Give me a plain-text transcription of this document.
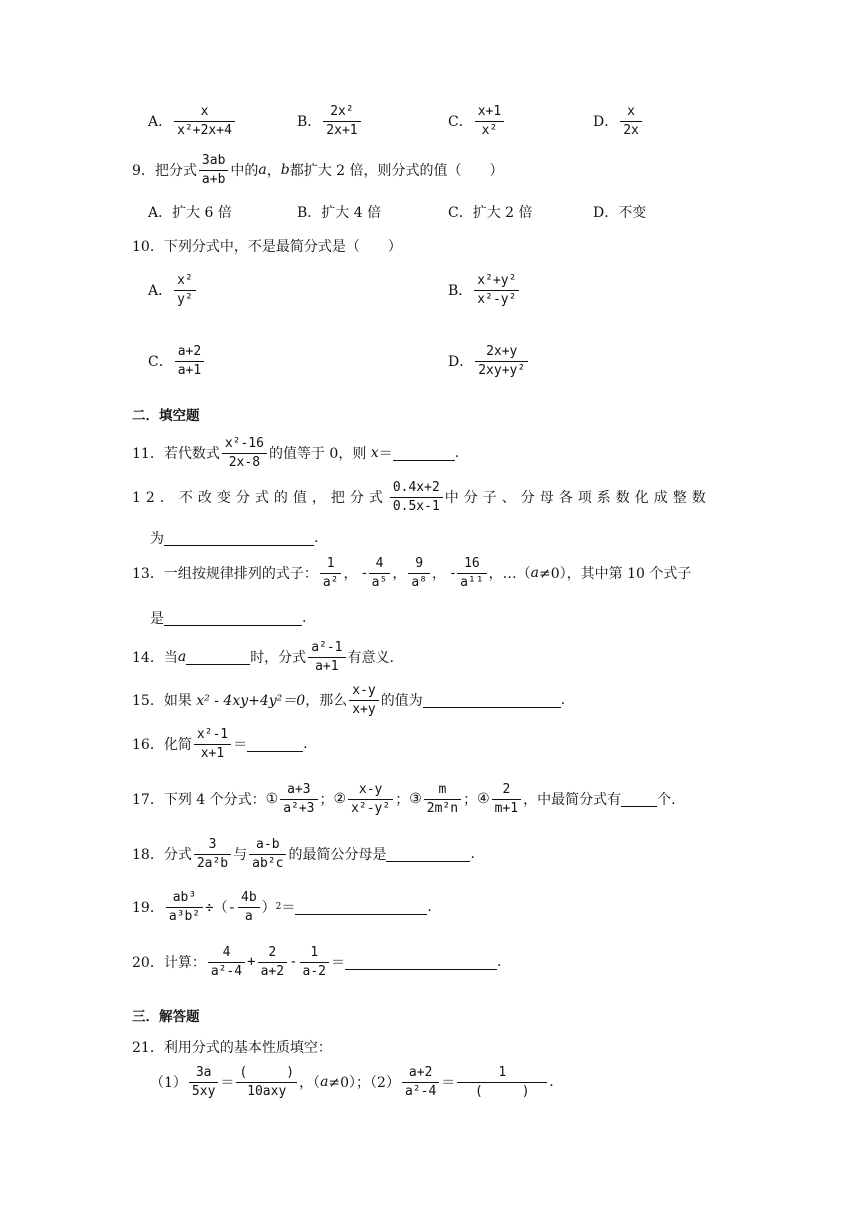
A． $\frac{x}{\text{x²+2x+4}}$	B． $\frac{\text{2x²}}{2x+1}$	C． $\frac{x+1}{\text{x²}}$	D． $\frac{x}{2x}$
9． 把分式 $\frac{3ab}{a+b}$ 中的 a ， b 都扩大 2 倍，则分式的值（　　）
A．扩大 6 倍	B．扩大 4 倍	C．扩大 2 倍	D．不变
10．下列分式中，不是最简分式是（　　）
A． $\frac{\text{x²}}{\text{y²}}$	B． $\frac{\text{x²+y²}}{\text{x²-y²}}$
C． $\frac{a+2}{a+1}$	D． $\frac{2x+y}{\text{2xy+y²}}$
二．填空题
11．若代数式 $\frac{\text{x²-16}}{2x-8}$ 的值等于 0，则
x ＝	.
12．不改变分式的值，把分式 $\frac{0.4x+2}{0.5x-1}$ 中分子、分母各项系数化成整数
为	.
13．一组按规律排列的式子： $\frac{1}{\text{a²}}$ ，
- $\frac{4}{\text{a⁵}}$ ， $\frac{9}{\text{a⁸}}$ ，
- $\frac{16}{\text{a¹¹}}$ ， …（ a ≠0），其中第 10 个式子
是	.
14．当 a	时，分式 $\frac{\text{a²-1}}{a+1}$ 有意义.
15．如果
x² - 4xy+4y²＝0 ，那么 $\frac{x-y}{x+y}$ 的值为	.
16．化简 $\frac{\text{x²-1}}{x+1}$ ＝	.
17．下列 4 个分式： ① $\frac{a+3}{\text{a²+3}}$ ； ② $\frac{x-y}{\text{x²-y²}}$ ； ③ $\frac{m}{\text{2m²n}}$ ； ④ $\frac{2}{m+1}$ ，中最简分式有	个.
18．分式 $\frac{3}{\text{2a²b}}$ 与 $\frac{a-b}{\text{ab²c}}$ 的最简公分母是	.
19． $\frac{\text{ab³}}{\text{a³b²}}$ ÷（- $\frac{4b}{a}$ ） 2 ＝	.
20．计算： $\frac{4}{\text{a²-4}} + \frac{2}{a+2} - \frac{1}{a-2}$ ＝	.
三．解答题
21．利用分式的基本性质填空：
$(1) \frac{3a}{5xy} = \frac{( )}{\text{10axy}}$ ，（ a ≠0）；$(2) \frac{a+2}{\text{a²-4}} = \frac{1}{( )}$ .
